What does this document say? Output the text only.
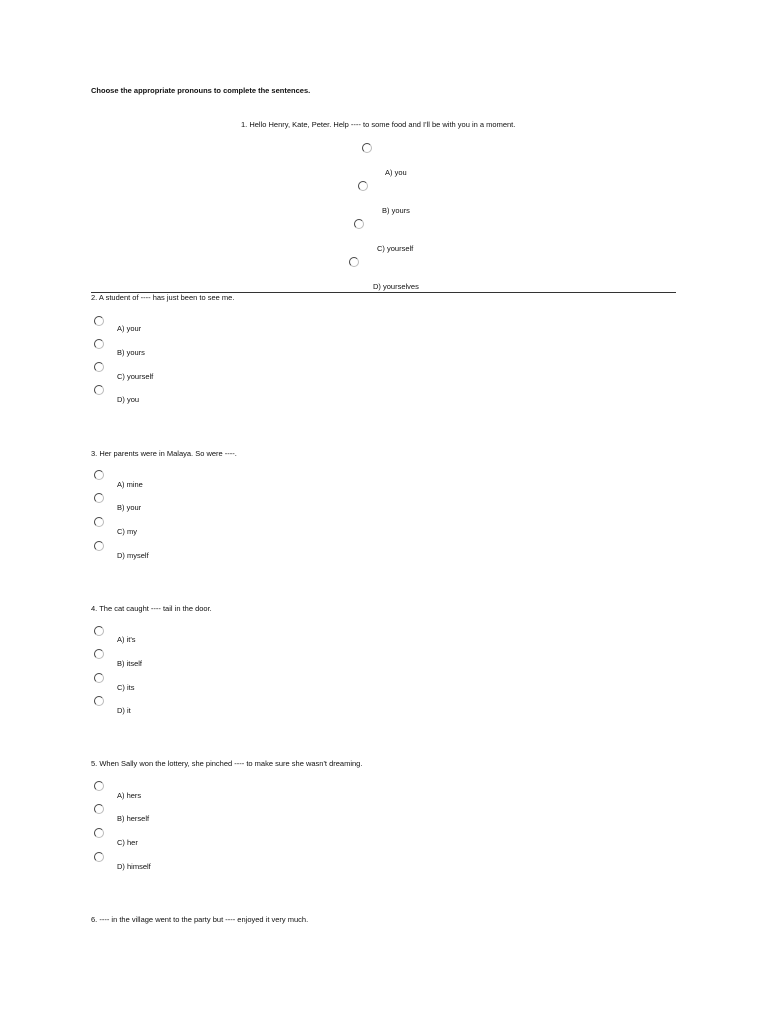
Choose the appropriate pronouns to complete the sentences.
1. Hello Henry, Kate, Peter. Help ---- to some food and I'll be with you in a moment.
A) you
B) yours
C) yourself
D) yourselves
2. A student of ---- has just been to see me.
A) your
B) yours
C) yourself
D) you
3. Her parents were in Malaya. So were ----.
A) mine
B) your
C) my
D) myself
4. The cat caught ---- tail in the door.
A) it's
B) itself
C) its
D) it
5. When Sally won the lottery, she pinched ---- to make sure she wasn't dreaming.
A) hers
B) herself
C) her
D) himself
6. ---- in the village went to the party but ---- enjoyed it very much.
